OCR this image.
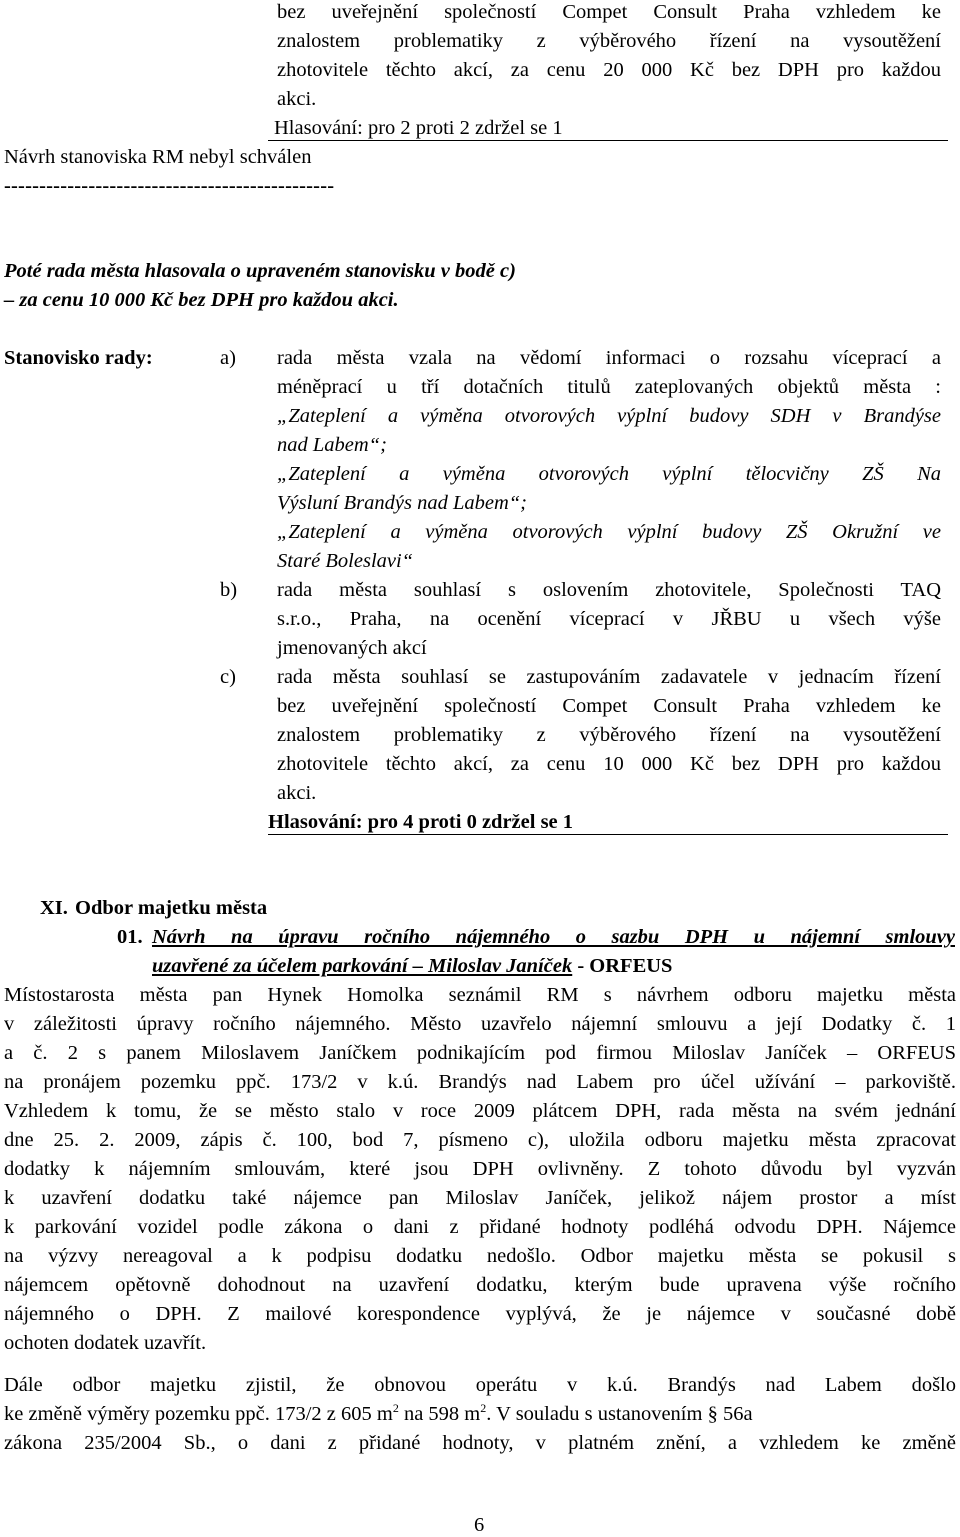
bez uveřejnění společností Compet Consult Praha vzhledem ke
znalostem problematiky z výběrového řízení na vysoutěžení
zhotovitele těchto akcí, za cenu 20 000 Kč bez DPH pro každou
akci.
Hlasování: pro 2 proti 2 zdržel se 1
Návrh stanoviska RM nebyl schválen
-----------------------------------------------
Poté rada města hlasovala o upraveném stanovisku v bodě c)
– za cenu 10 000 Kč bez DPH pro každou akci.
Stanovisko rady:	a) rada města vzala na vědomí informaci o rozsahu víceprací a
méněprací u tří dotačních titulů zateplovaných objektů města :
„Zateplení a výměna otvorových výplní budovy SDH v Brandýse
nad Labem“;
„Zateplení a výměna otvorových výplní tělocvičny ZŠ Na
Výsluní Brandýs nad Labem“;
„Zateplení a výměna otvorových výplní budovy ZŠ Okružní ve
Staré Boleslavi“
b) rada města souhlasí s oslovením zhotovitele, Společnosti TAQ
s.r.o., Praha, na ocenění víceprací v JŘBU u všech výše
jmenovaných akcí
c) rada města souhlasí se zastupováním zadavatele v jednacím řízení
bez uveřejnění společností Compet Consult Praha vzhledem ke
znalostem problematiky z výběrového řízení na vysoutěžení
zhotovitele těchto akcí, za cenu 10 000 Kč bez DPH pro každou
akci.
Hlasování: pro 4 proti 0 zdržel se 1
XI. Odbor majetku města
01. Návrh na úpravu ročního nájemného o sazbu DPH u nájemní smlouvy
uzavřené za účelem parkování – Miloslav Janíček - ORFEUS
Místostarosta města pan Hynek Homolka seznámil RM s návrhem odboru majetku města
v záležitosti úpravy ročního nájemného. Město uzavřelo nájemní smlouvu a její Dodatky č. 1
a č. 2 s panem Miloslavem Janíčkem podnikajícím pod firmou Miloslav Janíček – ORFEUS
na pronájem pozemku ppč. 173/2 v k.ú. Brandýs nad Labem pro účel užívání – parkoviště.
Vzhledem k tomu, že se město stalo v roce 2009 plátcem DPH, rada města na svém jednání
dne 25. 2. 2009, zápis č. 100, bod 7, písmeno c), uložila odboru majetku města zpracovat
dodatky k nájemním smlouvám, které jsou DPH ovlivněny. Z tohoto důvodu byl vyzván
k uzavření dodatku také nájemce pan Miloslav Janíček, jelikož nájem prostor a míst
k parkování vozidel podle zákona o dani z přidané hodnoty podléhá odvodu DPH. Nájemce
na výzvy nereagoval a k podpisu dodatku nedošlo. Odbor majetku města se pokusil s
nájemcem opětovně dohodnout na uzavření dodatku, kterým bude upravena výše ročního
nájemného o DPH. Z mailové korespondence vyplývá, že je nájemce v současné době
ochoten dodatek uzavřít.
Dále odbor majetku zjistil, že obnovou operátu v k.ú. Brandýs nad Labem došlo
ke změně výměry pozemku ppč. 173/2 z 605 $m^2$ na 598 $m^2$. V souladu s ustanovením § 56a
zákona 235/2004 Sb., o dani z přidané hodnoty, v platném znění, a vzhledem ke změně
6
